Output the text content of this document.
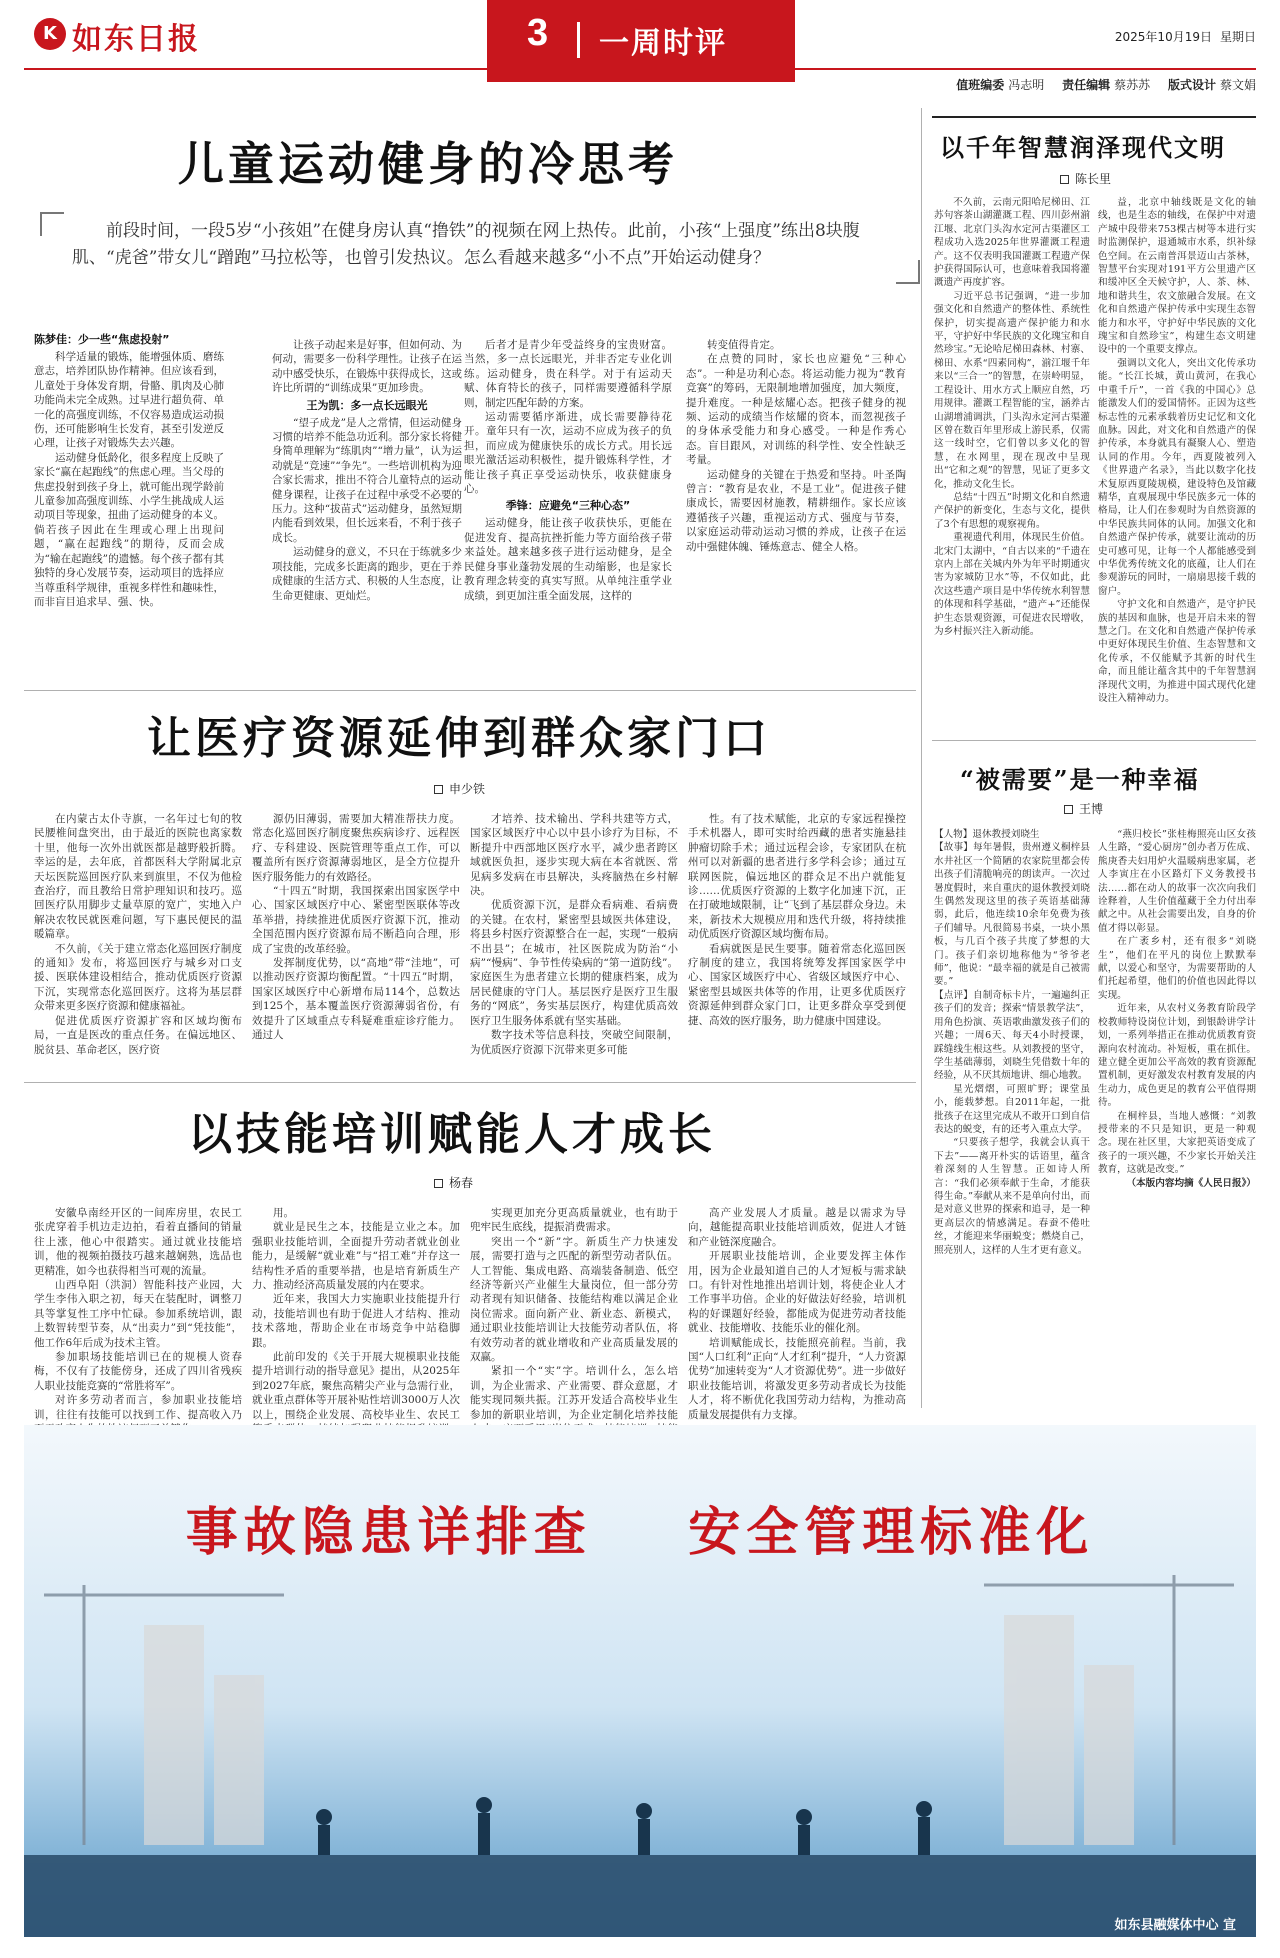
K 如东日报	3 一周时评	2025年10月19日 星期日
值班编委 冯志明 责任编辑 蔡苏苏 版式设计 蔡文娟
儿童运动健身的冷思考
前段时间，一段5岁“小孩姐”在健身房认真“撸铁”的视频在网上热传。此前，小孩“上强度”练出8块腹肌、“虎爸”带女儿“蹭跑”马拉松等，也曾引发热议。怎么看越来越多“小不点”开始运动健身？
陈梦佳：少一些“焦虑投射”

科学适量的锻炼，能增强体质、磨练意志，培养团队协作精神。但应该看到，儿童处于身体发育期，骨骼、肌肉及心肺功能尚未完全成熟。过早进行超负荷、单一化的高强度训练，不仅容易造成运动损伤，还可能影响生长发育，甚至引发逆反心理，让孩子对锻炼失去兴趣。

运动健身低龄化，很多程度上反映了家长“赢在起跑线”的焦虑心理。当父母的焦虑投射到孩子身上，就可能出现学龄前儿童参加高强度训练、小学生挑战成人运动项目等现象，扭曲了运动健身的本义。倘若孩子因此在生理或心理上出现问题，“赢在起跑线”的期待，反而会成为“输在起跑线”的遗憾。每个孩子都有其独特的身心发展节奏，运动项目的选择应当尊重科学规律，重视多样性和趣味性，而非盲目追求早、强、快。

让孩子动起来是好事，但如何动、为何动，需要多一份科学理性。让孩子在运动中感受快乐，在锻炼中获得成长，这或许比所谓的“训练成果”更加珍贵。

王为凯：多一点长远眼光

“望子成龙”是人之常情，但运动健身习惯的培养不能急功近利。部分家长将健身简单理解为“练肌肉”“增力量”，认为运动就是“竞速”“争先”。一些培训机构为迎合家长需求，推出不符合儿童特点的运动健身课程，让孩子在过程中承受不必要的压力。这种“拔苗式”运动健身，虽然短期内能看到效果，但长远来看，不利于孩子成长。

运动健身的意义，不只在于练就多少项技能，完成多长距离的跑步，更在于养成健康的生活方式、积极的人生态度，让生命更健康、更灿烂。

后者才是青少年受益终身的宝贵财富。当然，多一点长远眼光，并非否定专业化训练。运动健身，贵在科学。对于有运动天赋、体育特长的孩子，同样需要遵循科学原则，制定匹配年龄的方案。

运动需要循序渐进，成长需要静待花开。童年只有一次，运动不应成为孩子的负担，而应成为健康快乐的成长方式。用长远眼光激活运动积极性，提升锻炼科学性，才能让孩子真正享受运动快乐，收获健康身心。

季锋：应避免“三种心态”

运动健身，能让孩子收获快乐，更能在促进发育、提高抗挫折能力等方面给孩子带来益处。越来越多孩子进行运动健身，是全民健身事业蓬勃发展的生动缩影，也是家长教育理念转变的真实写照。从单纯注重学业成绩，到更加注重全面发展，这样的

转变值得肯定。

在点赞的同时，家长也应避免“三种心态”。一种是功利心态。将运动能力视为“教育竞赛”的筹码，无限制地增加强度，加大频度，提升难度。一种是炫耀心态。把孩子健身的视频、运动的成绩当作炫耀的资本，而忽视孩子的身体承受能力和身心感受。一种是作秀心态。盲目跟风，对训练的科学性、安全性缺乏考量。

运动健身的关键在于热爱和坚持。叶圣陶曾言：“教育是农业，不是工业”。促进孩子健康成长，需要因材施教，精耕细作。家长应该遵循孩子兴趣，重视运动方式、强度与节奏，以家庭运动带动运动习惯的养成，让孩子在运动中强健体魄、锤炼意志、健全人格。

让医疗资源延伸到群众家门口
申少铁

在内蒙古太仆寺旗，一名年过七旬的牧民腰椎间盘突出，由于最近的医院也离家数十里，他每一次外出就医都是越野般折腾。幸运的是，去年底，首都医科大学附属北京天坛医院巡回医疗队来到旗里，不仅为他检查治疗，而且教给日常护理知识和技巧。巡回医疗队用脚步丈量草原的宽广，实地入户解决农牧民就医难问题，写下惠民便民的温暖篇章。

不久前，《关于建立常态化巡回医疗制度的通知》发布，将巡回医疗与城乡对口支援、医联体建设相结合，推动优质医疗资源下沉，实现常态化巡回医疗。这将为基层群众带来更多医疗资源和健康福祉。

促进优质医疗资源扩容和区域均衡布局，一直是医改的重点任务。在偏远地区、脱贫县、革命老区，医疗资

源仍旧薄弱，需要加大精准帮扶力度。常态化巡回医疗制度聚焦疾病诊疗、远程医疗、专科建设、医院管理等重点工作，可以覆盖所有医疗资源薄弱地区，是全方位提升医疗服务能力的有效路径。

“十四五”时期，我国探索出国家医学中心、国家区域医疗中心、紧密型医联体等改革举措，持续推进优质医疗资源下沉，推动全国范围内医疗资源布局不断趋向合理，形成了宝贵的改革经验。

发挥制度优势，以“高地”带“洼地”，可以推动医疗资源均衡配置。“十四五”时期，国家区域医疗中心新增布局114个，总数达到125个，基本覆盖医疗资源薄弱省份，有效提升了区域重点专科疑难重症诊疗能力。通过人

才培养、技术输出、学科共建等方式，国家区域医疗中心以中县小诊疗为目标，不断提升中西部地区医疗水平，减少患者跨区域就医负担，逐步实现大病在本省就医、常见病多发病在市县解决，头疼脑热在乡村解决。

优质资源下沉，是群众看病难、看病费的关键。在农村，紧密型县域医共体建设，将县乡村医疗资源整合在一起，实现“一般病不出县”；在城市，社区医院成为防治“小病”“慢病”、争节性传染病的“第一道防线”。家庭医生为患者建立长期的健康档案，成为居民健康的守门人。基层医疗是医疗卫生服务的“网底”，务实基层医疗，构建优质高效医疗卫生服务体系就有坚实基础。

数字技术等信息科技，突破空间限制，为优质医疗资源下沉带来更多可能

性。有了技术赋能，北京的专家远程操控手术机器人，即可实时给西藏的患者实施悬挂肿瘤切除手术；通过远程会诊，专家团队在杭州可以对新疆的患者进行多学科会诊；通过互联网医院，偏远地区的群众足不出户就能复诊……优质医疗资源的上数字化加速下沉，正在打破地域限制，让“飞到了基层群众身边。未来，新技术大规模应用和迭代升级，将持续推动优质医疗资源区域均衡布局。

看病就医是民生要事。随着常态化巡回医疗制度的建立，我国将统筹发挥国家医学中心、国家区域医疗中心、省级区域医疗中心、紧密型县域医共体等的作用，让更多优质医疗资源延伸到群众家门口，让更多群众享受到便捷、高效的医疗服务，助力健康中国建设。

以技能培训赋能人才成长
杨春

安徽阜南经开区的一间库房里，农民工张虎穿着手机边走边拍，看着直播间的销量往上涨，他心中很踏实。通过就业技能培训，他的视频拍摄技巧越来越娴熟，选品也更精准，如今也获得相当可观的流量。

山西阜阳（洪洞）智能科技产业园，大学生李伟入职之初，每天在装配时，调整刀具等掌复性工序中忙碌。参加系统培训，跟上数智转型节奏，从“出卖力”到“凭技能”，他工作6年后成为技术主管。

参加职场技能培训已在的规模人资春梅，不仅有了技能傍身，还成了四川省残疾人职业技能竞赛的“常胜将军”。

对许多劳动者而言，参加职业技能培训，往往有技能可以找到工作、提高收入乃

用。

就业是民生之本，技能是立业之本。加强职业技能培训，全面提升劳动者就业创业能力，是缓解“就业难”与“招工难”并存这一结构性矛盾的重要举措，也是培育新质生产力、推动经济高质量发展的内在要求。

近年来，我国大力实施职业技能提升行动，技能培训也有助于促进人才结构、推动技术落地，帮助企业在市场竞争中站稳脚跟。

此前印发的《关于开展大规模职业技能提升培训行动的指导意见》提出，从2025年到2027年底，聚焦高精尖产业与急需行业，就业重点群体等开展补贴性培训3000万人次以上，围绕企业发展、高校毕业生、农民工

实现更加充分更高质量就业，也有助于兜牢民生底线，提振消费需求。

突出一个“新”字。新质生产力快速发展，需要打造与之匹配的新型劳动者队伍。人工智能、集成电路、高端装备制造、低空经济等新兴产业催生大量岗位，但一部分劳动者现有知识储备、技能结构难以满足企业岗位需求。面向新产业、新业态、新模式，通过职业技能培训让大技能劳动者队伍，将有效劳动者的就业增收和产业高质量发展的双赢。

紧扣一个“实”字。培训什么，怎么培训，为企业需求、产业需要、群众意愿，才能实现同频共振。江苏开发适合高校毕业生参加的新职业培训，为企业定制化培养技能

高产业发展人才质量。越是以需求为导向，越能提高职业技能培训质效，促进人才链和产业链深度融合。

开展职业技能培训，企业要发挥主体作用，因为企业最知道自己的人才短板与需求缺口。有针对性地推出培训计划，将使企业人才工作事半功倍。企业的好做法好经验，培训机构的好课题好经验，都能成为促进劳动者技能就业、技能增收、技能乐业的催化剂。

培训赋能成长，技能照亮前程。当前，我国“人口红利”正向“人才红利”提升，“人力资源优势”加速转变为“人才资源优势”。进一步做好职业技能培训，将激发更多劳动者成长为技能人才，将不断优化我国劳动力结构，为推动高质量发展提供有力支撑。

以千年智慧润泽现代文明
陈长里

不久前，云南元阳哈尼梯田、江苏句容茶山湖灌溉工程、四川彭州湔江堰、北京门头沟水定河古渠灌区工程成功入选2025年世界灌溉工程遗产。这不仅表明我国灌溉工程遗产保护获得国际认可，也意味着我国将灌溉遗产再度扩容。

习近平总书记强调，“进一步加强文化和自然遗产的整体性、系统性保护，切实提高遗产保护能力和水平，守护好中华民族的文化瑰宝和自然珍宝。”无论哈尼梯田森林、村寨、梯田、水系“四素同构”，湔江堰千年来以“三合一”的智慧，在崇岭明显，工程设计、用水方式上顺应自然，巧用规律。灌溉工程智能的宝，涵养古山湖增浦调洪，门头沟永定河古渠灌区曾在数百年里形成上游民系，仅需这一线时空，它们曾以多义化的智慧，在水网里，现在现改中呈现出“它和之观”的智慧，见证了更多文化，推动文化生长。

总结“十四五”时期文化和自然遗产保护的新变化，生态与文化，提供了3个有思想的观察视角。

重视遗代利用，体现民生价值。北宋门太湖中，“自古以来的“千遗在京内上部在关城内外为年平时期通灾害为家城防卫水”等，不仅如此，此次这些遗产项目是中华传统水利智慧的体现和科学基础，“遗产+”还能保护生态景观资源，可促进农民增收，为乡村振兴注入新动能。

益，北京中轴线既是文化的轴线，也是生态的轴线，在保护中对遗产城中段带来753棵古树等本进行实时监测保护，退通城市水系，织补绿色空间。在云南普洱景迈山古茶林，智慧平台实现对191平方公里遗产区和缓冲区全天候守护，人、茶、林、地和谐共生，农文旅融合发展。在文化和自然遗产保护传承中实现生态智能力和水平，守护好中华民族的文化瑰宝和自然珍宝”，构建生态文明建设中的一个重要支撑点。

强调以文化人，突出文化传承功能。“长江长城，黄山黄河，在我心中重千斤”，一首《我的中国心》总能激发人们的爱国情怀。正因为这些标志性的元素承载着历史记忆和文化血脉。因此，对文化和自然遗产的保护传承，本身就具有凝聚人心、塑造认同的作用。今年，西夏陵被列入《世界遗产名录》，当此以数字化技术复原西夏陵规模，建设特色及馆藏精华，直观展现中华民族多元一体的格局，让人们在参观时为自然资源的中华民族共同体的认同。加强文化和自然遗产保护传承，就要让流动的历史可感可见，让每一个人都能感受到中华优秀传统文化的底蕴，让人们在参观游玩的同时，一扇扇思接千载的窗户。

守护文化和自然遗产，是守护民族的基因和血脉，也是开启未来的智慧之门。在文化和自然遗产保护传承中更好体现民生价值、生态智慧和文化传承，不仅能赋予其新的时代生命，而且能让蕴含其中的千年智慧润泽现代文明，为推进中国式现代化建设注入精神动力。

“被需要”是一种幸福
王博

【人物】退休教授刘晓生

【故事】每年暑假，贵州遵义桐梓县水井社区一个简陋的农家院里都会传出孩子们清脆响亮的朗读声。一次过暑度假时，来自重庆的退休教授刘晓生偶然发现这里的孩子英语基础薄弱，此后，他连续10余年免费为孩子们辅导。凡很简易书桌，一块小黑板，与几百个孩子共度了梦想的大门。孩子们亲切地称他为“爷爷老师”，他说：“最幸福的就是自己被需要。”

【点评】自制奇标卡片，一遍遍纠正孩子们的发音；探索“情景教学法”，用角色扮演、英语歌曲激发孩子们的兴趣；一周6天、每天4小时授课，踩缝线生根这些。从刘教授的坚守，学生基础薄弱，刘晓生凭借数十年的经验，从不厌其烦地讲、细心地教。

星光熠熠，可照旷野；课堂虽小，能载梦想。自2011年起，一批批孩子在这里完成从不敢开口到自信表达的蜕变，有的还考入重点大学。

“只要孩子想学，我就会认真干下去”——离开朴实的话语里，蕴含着深刻的人生智慧。正如诗人所言：“我们必须奉献于生命，才能获得生命。”奉献从来不是单向付出，而是对意义世界的探索和追寻，是一种更高层次的情感满足。春蚕不倦吐丝，才能迎来华丽蜕变；燃烧自己，照亮别人，这样的人生才更有意义。

“燕归校长”张桂梅照亮山区女孩人生路，“爱心厨房”创办者万佐成、熊庚香夫妇用炉火温暖病患家属，老人李寅庄在小区路灯下义务教授书法……都在动人的故事一次次向我们诠释着，人生价值蕴藏于全力付出奉献之中。从社会需要出发，自身的价值才得以彰显。

在广袤乡村，还有很多“刘晓生”，他们在平凡的岗位上默默奉献，以爱心和坚守，为需要帮助的人们托起希望，他们的价值也因此得以实现。

近年来，从农村义务教育阶段学校教师特设岗位计划，到银龄讲学计划，一系列举措正在推动优质教育资源向农村流动。补短板，重在抓住。建立健全更加公平高效的教育资源配置机制，更好激发农村教育发展的内生动力，成色更足的教育公平值得期待。

在桐梓县，当地人感慨：“刘教授带来的不只是知识，更是一种观念。现在社区里，大家把英语变成了孩子的一项兴趣，不少家长开始关注教育，这就是改变。”

（本版内容均摘《人民日报》）

事故隐患详排查    安全管理标准化
如东县融媒体中心 宣
